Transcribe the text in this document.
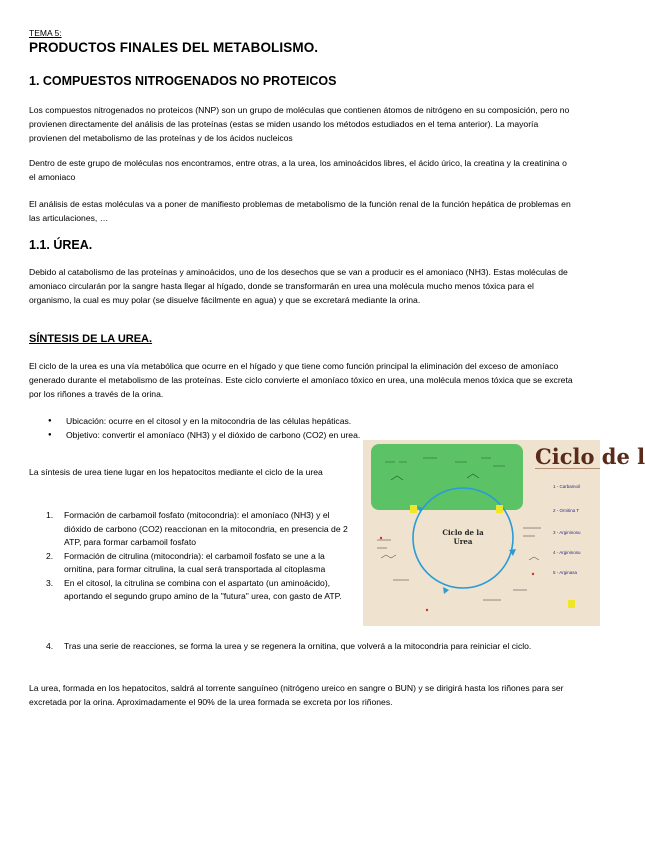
TEMA 5:

PRODUCTOS FINALES DEL METABOLISMO.
1. COMPUESTOS NITROGENADOS NO PROTEICOS

Los compuestos nitrogenados no proteicos (NNP) son un grupo de moléculas que contienen átomos de nitrógeno en su composición, pero no provienen directamente del análisis de las proteínas (estas se miden usando los métodos estudiados en el tema anterior). La mayoría provienen del metabolismo de las proteínas y de los ácidos nucleicos

Dentro de este grupo de moléculas nos encontramos, entre otras, a la urea, los aminoácidos libres, el ácido úrico, la creatina y la creatinina o el amoniaco

El análisis de estas moléculas va a poner de manifiesto problemas de metabolismo de la función renal de la función hepática de problemas en las articulaciones, …

1.1. ÚREA.

Debido al catabolismo de las proteínas y aminoácidos, uno de los desechos que se van a producir es el amoniaco (NH3). Estas moléculas de amoniaco circularán por la sangre hasta llegar al hígado, donde se transformarán en urea una molécula mucho menos tóxica para el organismo, la cual es muy polar (se disuelve fácilmente en agua) y que se excretará mediante la orina.

SÍNTESIS DE LA UREA.

El ciclo de la urea es una vía metabólica que ocurre en el hígado y que tiene como función principal la eliminación del exceso de amoníaco generado durante el metabolismo de las proteínas. Este ciclo convierte el amoníaco tóxico en urea, una molécula menos tóxica que se excreta por los riñones a través de la orina.

● Ubicación: ocurre en el citosol y en la mitocondria de las células hepáticas.
● Objetivo: convertir el amoníaco (NH3) y el dióxido de carbono (CO2) en urea.

La síntesis de urea tiene lugar en los hepatocitos mediante el ciclo de la urea

1. Formación de carbamoil fosfato (mitocondria): el amoníaco (NH3) y el dióxido de carbono (CO2) reaccionan en la mitocondria, en presencia de 2 ATP, para formar carbamoil fosfato
2. Formación de citrulina (mitocondria): el carbamoil fosfato se une a la ornitina, para formar citrulina, la cual será transportada al citoplasma
3. En el citosol, la citrulina se combina con el aspartato (un aminoácido), aportando el segundo grupo amino de la "futura" urea, con gasto de ATP.
4. Tras una serie de reacciones, se forma la urea y se regenera la ornitina, que volverá a la mitocondria para reiniciar el ciclo.

La urea, formada en los hepatocitos, saldrá al torrente sanguíneo (nitrógeno ureico en sangre o BUN) y se dirigirá hasta los riñones para ser excretada por la orina. Aproximadamente el 90% de la urea formada se excreta por los riñones.

Ciclo de l
Ciclo de la Urea
1 - Carbamoil
2 - Ornitina T
3 - Argininosu
4 - Argininosu
5 - Arginasa
